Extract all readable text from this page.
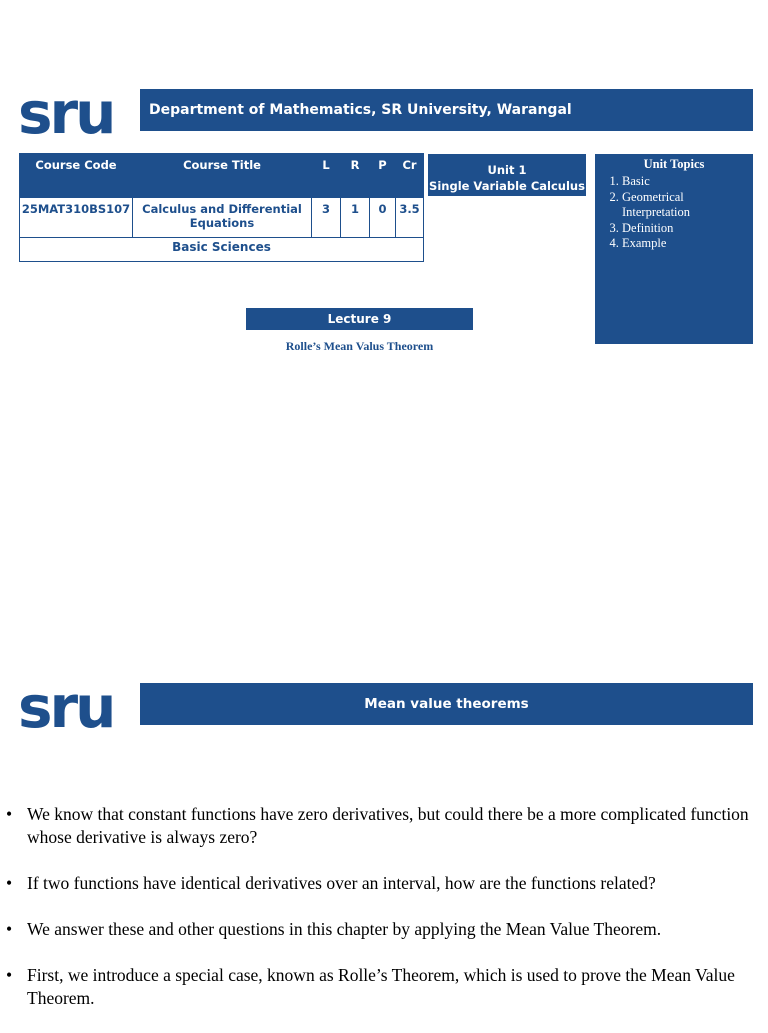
sru	Department of Mathematics, SR University, Warangal
Course Code	Course Title	L	R	P	Cr
25MAT310BS107	Calculus and Differential Equations	3	1	0	3.5
Basic Sciences					
Unit 1
Single Variable Calculus
Unit Topics
1. Basic
2. Geometrical Interpretation
3. Definition
4. Example
Lecture 9
Rolle’s Mean Valus Theorem
sru	Mean value theorems
• We know that constant functions have zero derivatives, but could there be a more complicated function whose derivative is always zero?
• If two functions have identical derivatives over an interval, how are the functions related?
• We answer these and other questions in this chapter by applying the Mean Value Theorem.
• First, we introduce a special case, known as Rolle’s Theorem, which is used to prove the Mean Value Theorem.
